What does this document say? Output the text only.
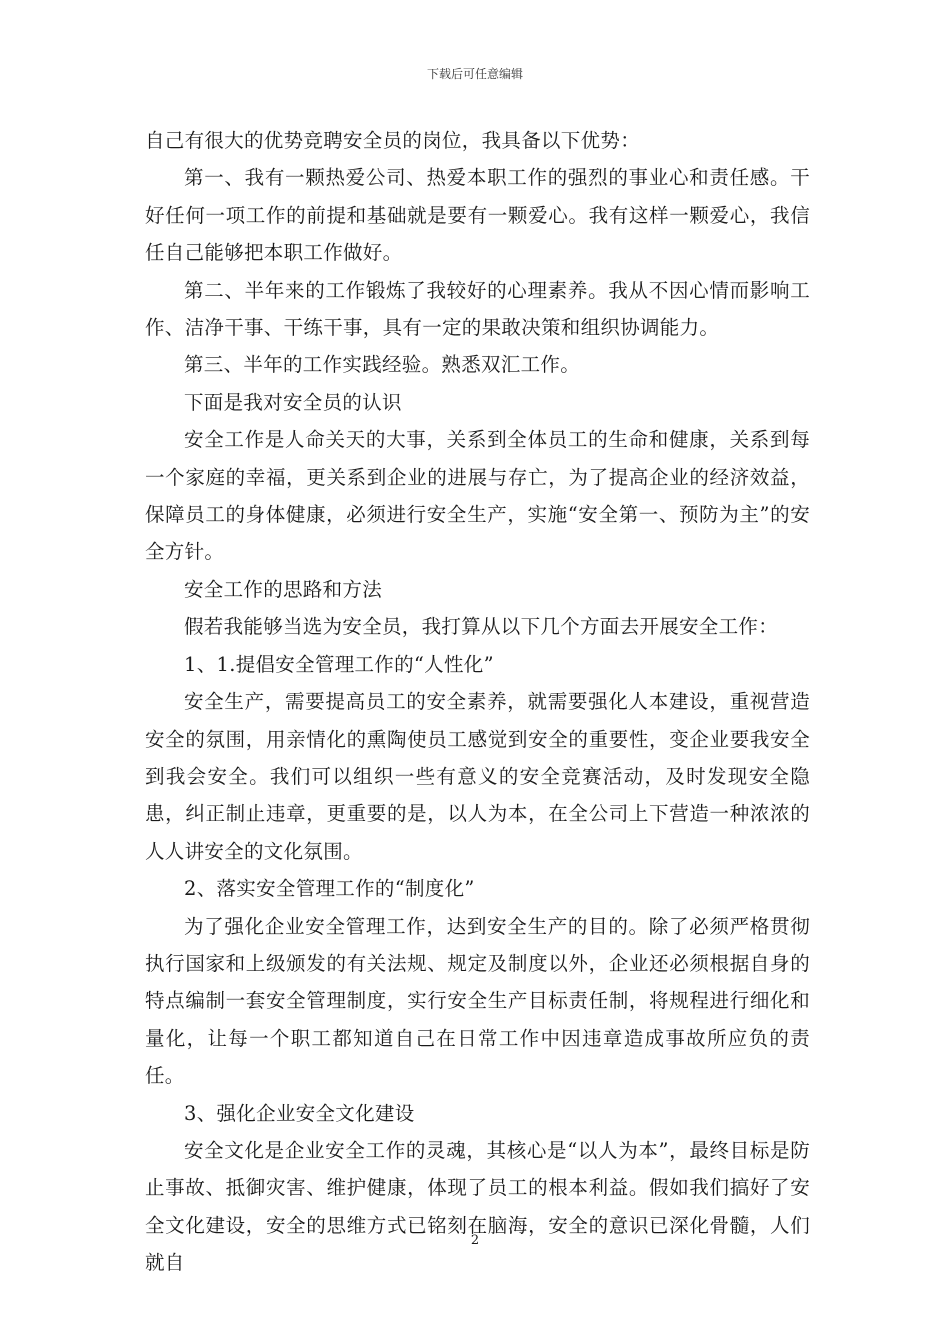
下载后可任意编辑

自己有很大的优势竞聘安全员的岗位，我具备以下优势：

第一、我有一颗热爱公司、热爱本职工作的强烈的事业心和责任感。干好任何一项工作的前提和基础就是要有一颗爱心。我有这样一颗爱心，我信任自己能够把本职工作做好。

第二、半年来的工作锻炼了我较好的心理素养。我从不因心情而影响工作、洁净干事、干练干事，具有一定的果敢决策和组织协调能力。

第三、半年的工作实践经验。熟悉双汇工作。

下面是我对安全员的认识

安全工作是人命关天的大事，关系到全体员工的生命和健康，关系到每一个家庭的幸福，更关系到企业的进展与存亡，为了提高企业的经济效益，保障员工的身体健康，必须进行安全生产，实施“安全第一、预防为主”的安全方针。

安全工作的思路和方法

假若我能够当选为安全员，我打算从以下几个方面去开展安全工作：

1、1.提倡安全管理工作的“人性化”

安全生产，需要提高员工的安全素养，就需要强化人本建设，重视营造安全的氛围，用亲情化的熏陶使员工感觉到安全的重要性，变企业要我安全到我会安全。我们可以组织一些有意义的安全竞赛活动，及时发现安全隐患，纠正制止违章，更重要的是，以人为本，在全公司上下营造一种浓浓的人人讲安全的文化氛围。

2、落实安全管理工作的“制度化”

为了强化企业安全管理工作，达到安全生产的目的。除了必须严格贯彻执行国家和上级颁发的有关法规、规定及制度以外，企业还必须根据自身的特点编制一套安全管理制度，实行安全生产目标责任制，将规程进行细化和量化，让每一个职工都知道自己在日常工作中因违章造成事故所应负的责任。

3、强化企业安全文化建设

安全文化是企业安全工作的灵魂，其核心是“以人为本”，最终目标是防止事故、抵御灾害、维护健康，体现了员工的根本利益。假如我们搞好了安全文化建设，安全的思维方式已铭刻在脑海，安全的意识已深化骨髓，人们就自

2
